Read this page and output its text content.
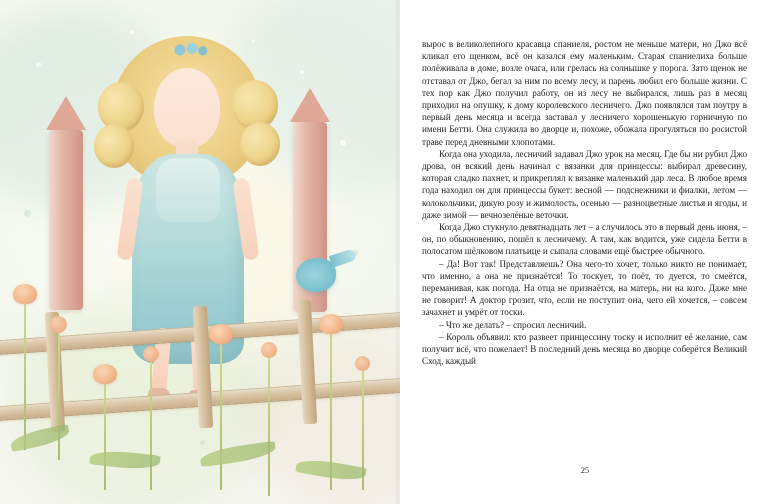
вырос в великолепного красавца спаниеля, ростом не меньше матери, но Джо всё кликал его щенком, всё он казался ему маленьким. Старая спаниелиха больше полёживала в доме, возле очага, или грелась на солнышке у порога. Зато щенок не отставал от Джо, бегал за ним по всему лесу, и парень любил его больше жизни. С тех пор как Джо получил работу, он из лесу не выбирался, лишь раз в месяц приходил на опушку, к дому королевского лесничего. Джо появлялся там поутру в первый день месяца и всегда заставал у лесничего хорошенькую горничную по имени Бетти. Она служила во дворце и, похоже, обожала прогуляться по росистой траве перед дневными хлопотами.

Когда она уходила, лесничий задавал Джо урок на месяц. Где бы ни рубил Джо дрова, он всякий день начинал с вязанки для принцессы: выбирал древесину, которая сладко пахнет, и прикреплял к вязанке маленький дар леса. В любое время года находил он для принцессы букет: весной — подснежники и фиалки, летом — колокольчики, дикую розу и жимолость, осенью — разноцветные листья и ягоды, и даже зимой — вечнозелёные веточки.

Когда Джо стукнуло девятнадцать лет – а случилось это в первый день июня, – он, по обыкновению, пошёл к лесничему. А там, как водится, уже сидела Бетти в полосатом шёлковом платьице и сыпала словами ещё быстрее обычного.

– Да! Вот так! Представляешь? Она чего-то хочет, только никто не понимает, что именно, а она не признаётся! То тоскует, то поёт, то дуется, то смеётся, переманивая, как погода. На отца не признаётся, на матерь, ни на кого. Даже мне не говорит! А доктор грозит, что, если не поступит она, чего ей хочется, – совсем зачахнет и умрёт от тоски.

– Что же делать? – спросил лесничий.

– Король объявил: кто развеет принцессину тоску и исполнит её желание, сам получит всё, что пожелает! В последний день месяца во дворце соберётся Великий Сход, каждый

25
